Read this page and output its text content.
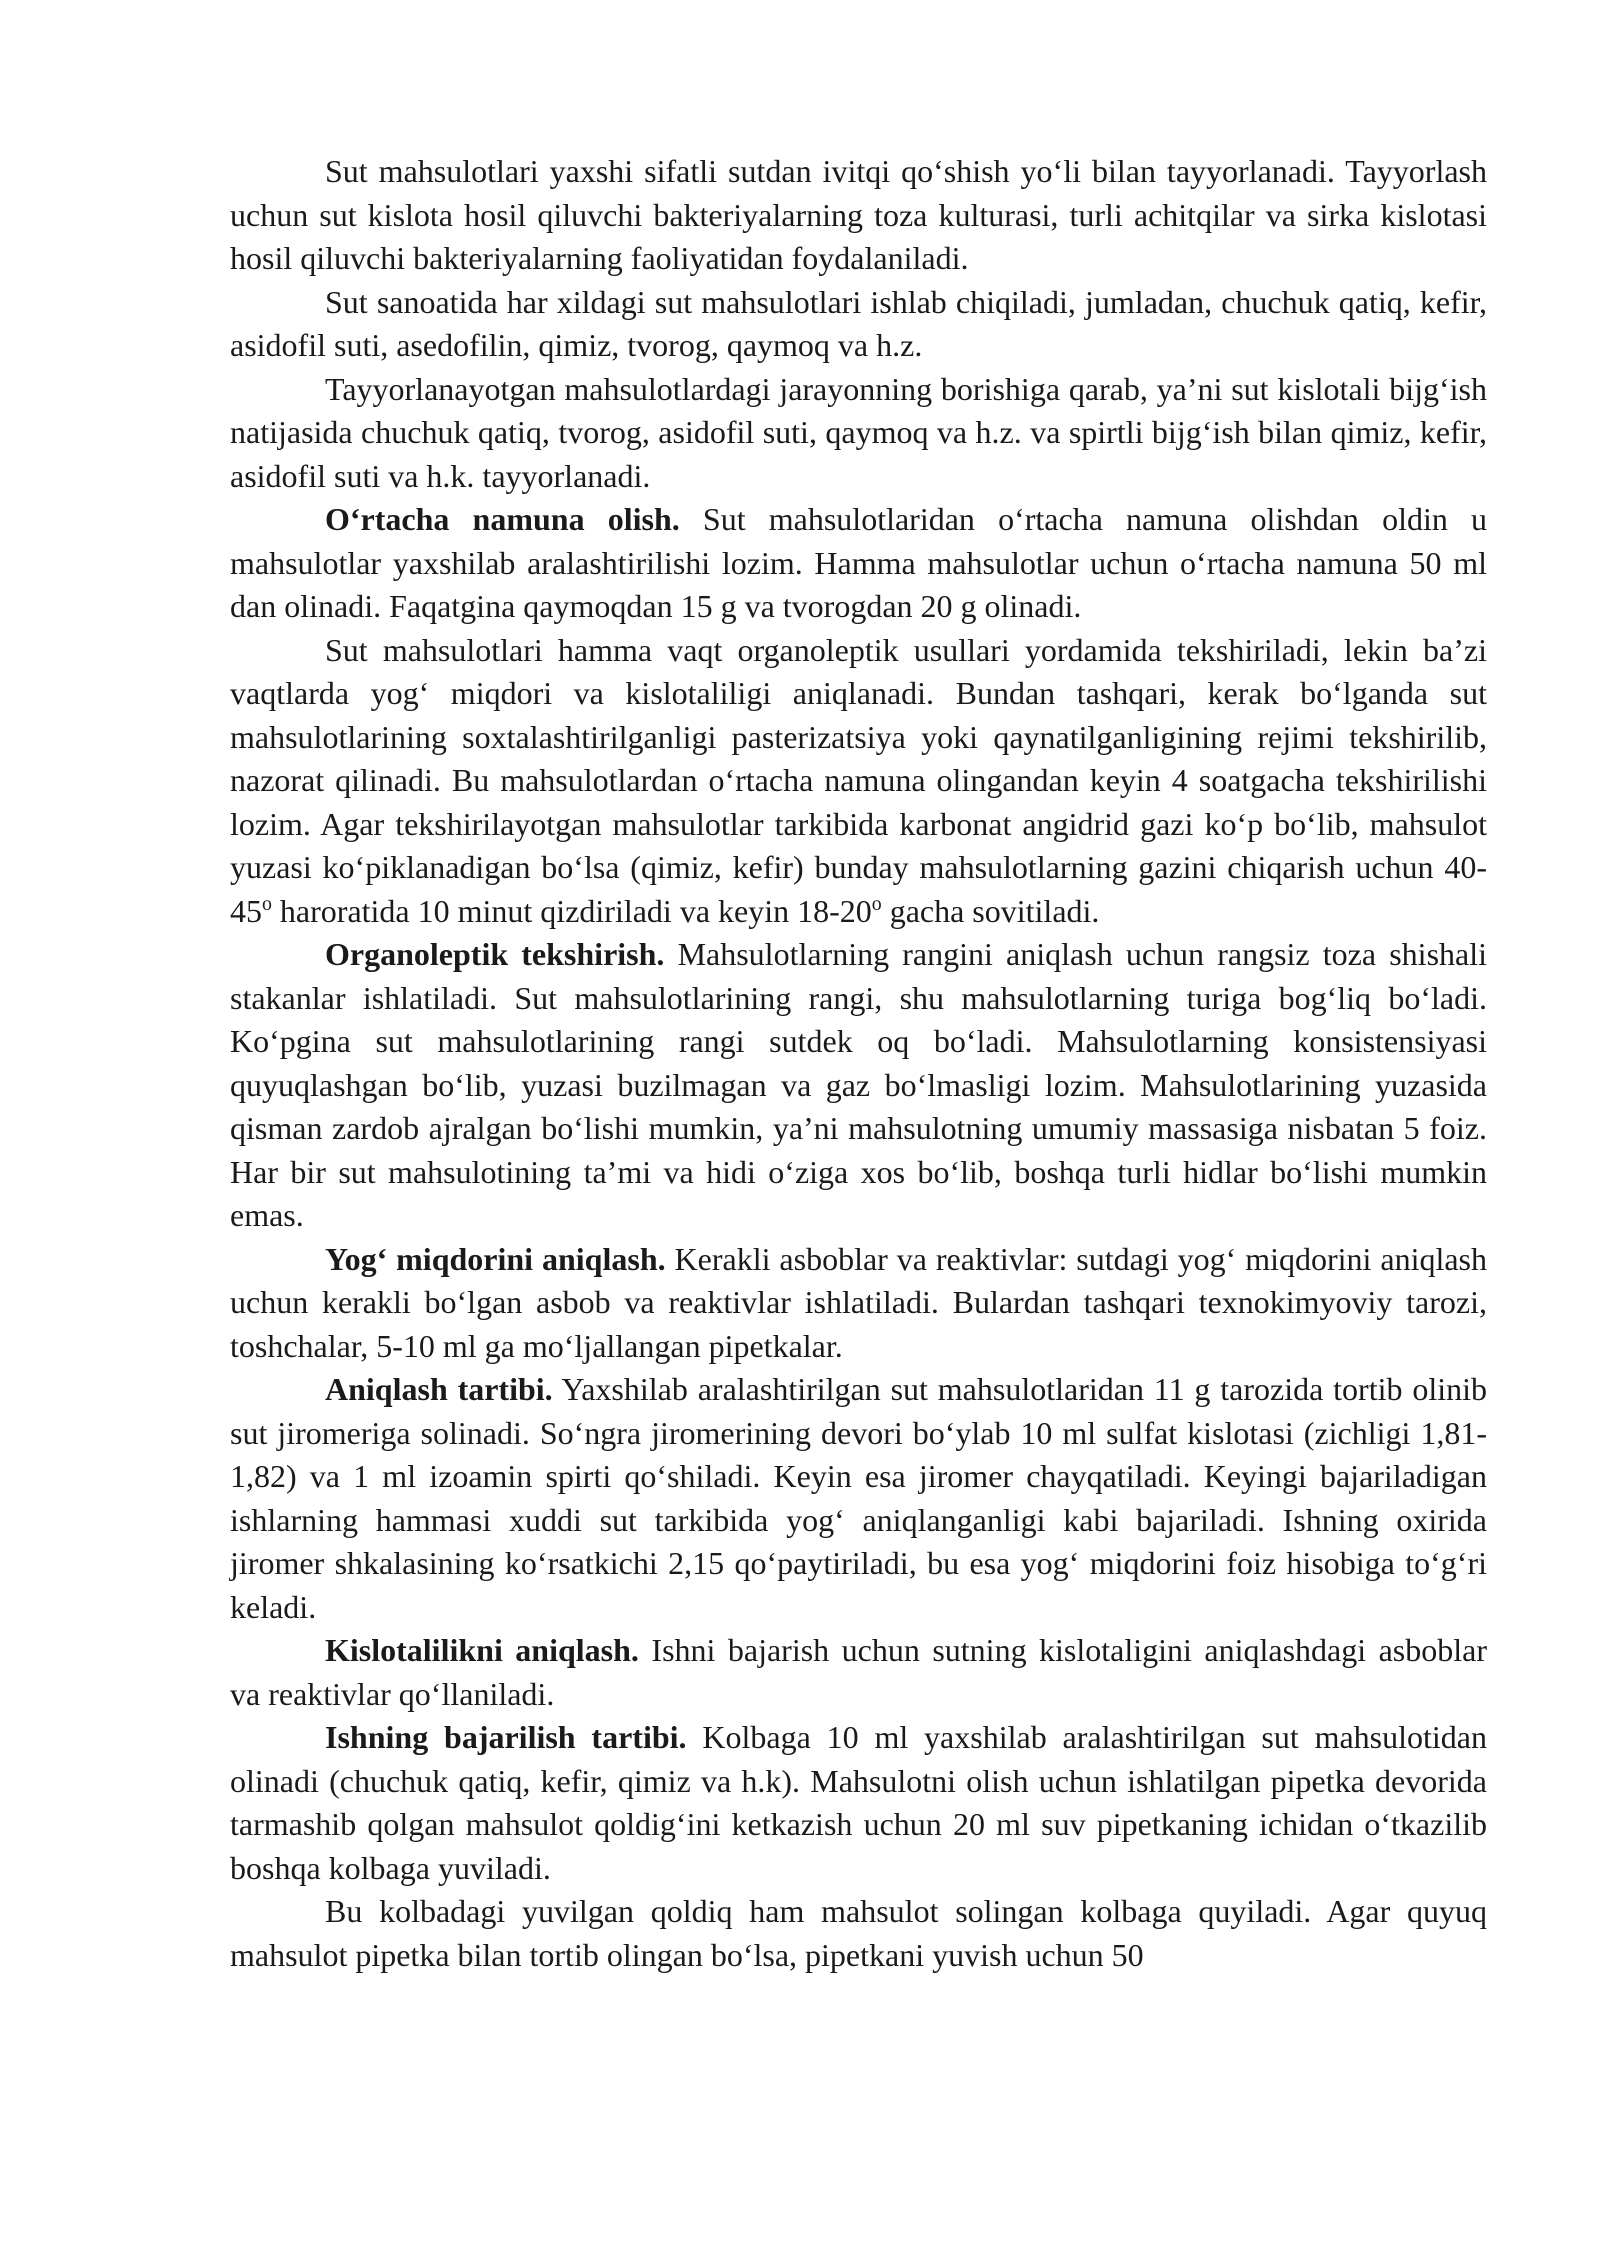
Sut mahsulotlari yaxshi sifatli sutdan ivitqi qo‘shish yo‘li bilan tayyorlanadi. Tayyorlash uchun sut kislota hosil qiluvchi bakteriyalarning toza kulturasi, turli achitqilar va sirka kislotasi hosil qiluvchi bakteriyalarning faoliyatidan foydalaniladi.

Sut sanoatida har xildagi sut mahsulotlari ishlab chiqiladi, jumladan, chuchuk qatiq, kefir, asidofil suti, asedofilin, qimiz, tvorog, qaymoq va h.z.

Tayyorlanayotgan mahsulotlardagi jarayonning borishiga qarab, ya’ni sut kislotali bijg‘ish natijasida chuchuk qatiq, tvorog, asidofil suti, qaymoq va h.z. va spirtli bijg‘ish bilan qimiz, kefir, asidofil suti va h.k. tayyorlanadi.

O‘rtacha namuna olish. Sut mahsulotlaridan o‘rtacha namuna olishdan oldin u mahsulotlar yaxshilab aralashtirilishi lozim. Hamma mahsulotlar uchun o‘rtacha namuna 50 ml dan olinadi. Faqatgina qaymoqdan 15 g va tvorogdan 20 g olinadi.

Sut mahsulotlari hamma vaqt organoleptik usullari yordamida tekshiriladi, lekin ba’zi vaqtlarda yog‘ miqdori va kislotaliligi aniqlanadi. Bundan tashqari, kerak bo‘lganda sut mahsulotlarining soxtalashtirilganligi pasterizatsiya yoki qaynatilganligining rejimi tekshirilib, nazorat qilinadi. Bu mahsulotlardan o‘rtacha namuna olingandan keyin 4 soatgacha tekshirilishi lozim. Agar tekshirilayotgan mahsulotlar tarkibida karbonat angidrid gazi ko‘p bo‘lib, mahsulot yuzasi ko‘piklanadigan bo‘lsa (qimiz, kefir) bunday mahsulotlarning gazini chiqarish uchun 40-45$^o$ haroratida 10 minut qizdiriladi va keyin 18-20$^o$ gacha sovitiladi.

Organoleptik tekshirish. Mahsulotlarning rangini aniqlash uchun rangsiz toza shishali stakanlar ishlatiladi. Sut mahsulotlarining rangi, shu mahsulotlarning turiga bog‘liq bo‘ladi. Ko‘pgina sut mahsulotlarining rangi sutdek oq bo‘ladi. Mahsulotlarning konsistensiyasi quyuqlashgan bo‘lib, yuzasi buzilmagan va gaz bo‘lmasligi lozim. Mahsulotlarining yuzasida qisman zardob ajralgan bo‘lishi mumkin, ya’ni mahsulotning umumiy massasiga nisbatan 5 foiz. Har bir sut mahsulotining ta’mi va hidi o‘ziga xos bo‘lib, boshqa turli hidlar bo‘lishi mumkin emas.

Yog‘ miqdorini aniqlash. Kerakli asboblar va reaktivlar: sutdagi yog‘ miqdorini aniqlash uchun kerakli bo‘lgan asbob va reaktivlar ishlatiladi. Bulardan tashqari texnokimyoviy tarozi, toshchalar, 5-10 ml ga mo‘ljallangan pipetkalar.

Aniqlash tartibi. Yaxshilab aralashtirilgan sut mahsulotlaridan 11 g tarozida tortib olinib sut jiromeriga solinadi. So‘ngra jiromerining devori bo‘ylab 10 ml sulfat kislotasi (zichligi 1,81-1,82) va 1 ml izoamin spirti qo‘shiladi. Keyin esa jiromer chayqatiladi. Keyingi bajariladigan ishlarning hammasi xuddi sut tarkibida yog‘ aniqlanganligi kabi bajariladi. Ishning oxirida jiromer shkalasining ko‘rsatkichi 2,15 qo‘paytiriladi, bu esa yog‘ miqdorini foiz hisobiga to‘g‘ri keladi.

Kislotalilikni aniqlash. Ishni bajarish uchun sutning kislotaligini aniqlashdagi asboblar va reaktivlar qo‘llaniladi.

Ishning bajarilish tartibi. Kolbaga 10 ml yaxshilab aralashtirilgan sut mahsulotidan olinadi (chuchuk qatiq, kefir, qimiz va h.k). Mahsulotni olish uchun ishlatilgan pipetka devorida tarmashib qolgan mahsulot qoldig‘ini ketkazish uchun 20 ml suv pipetkaning ichidan o‘tkazilib boshqa kolbaga yuviladi.

Bu kolbadagi yuvilgan qoldiq ham mahsulot solingan kolbaga quyiladi. Agar quyuq mahsulot pipetka bilan tortib olingan bo‘lsa, pipetkani yuvish uchun 50
